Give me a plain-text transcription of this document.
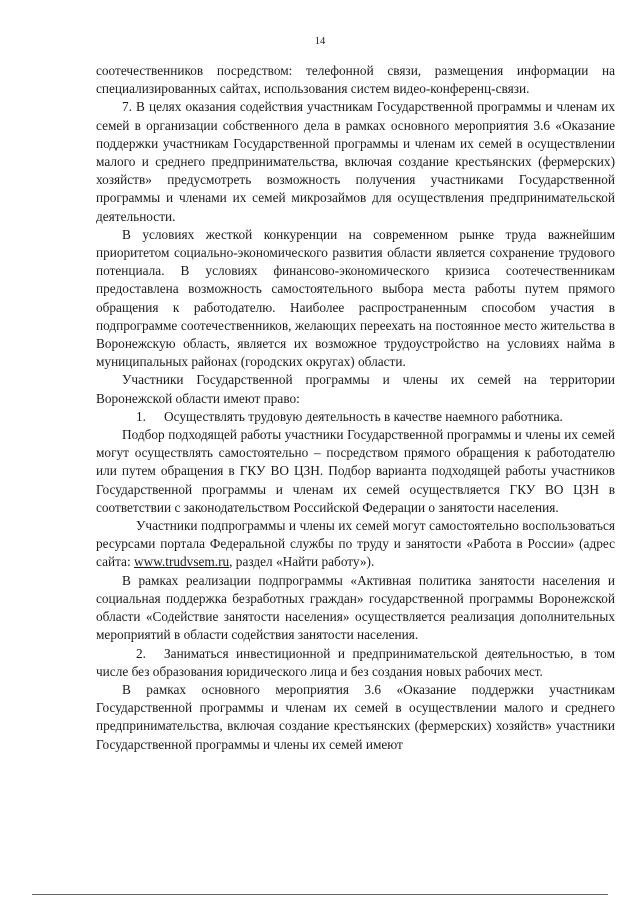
14

соотечественников посредством: телефонной связи, размещения информации на специализированных сайтах, использования систем видео-конференц-связи.

7. В целях оказания содействия участникам Государственной программы и членам их семей в организации собственного дела в рамках основного мероприятия 3.6 «Оказание поддержки участникам Государственной программы и членам их семей в осуществлении малого и среднего предпринимательства, включая создание крестьянских (фермерских) хозяйств» предусмотреть возможность получения участниками Государственной программы и членами их семей микрозаймов для осуществления предпринимательской деятельности.

В условиях жесткой конкуренции на современном рынке труда важнейшим приоритетом социально-экономического развития области является сохранение трудового потенциала. В условиях финансово-экономического кризиса соотечественникам предоставлена возможность самостоятельного выбора места работы путем прямого обращения к работодателю. Наиболее распространенным способом участия в подпрограмме соотечественников, желающих переехать на постоянное место жительства в Воронежскую область, является их возможное трудоустройство на условиях найма в муниципальных районах (городских округах) области.

Участники Государственной программы и члены их семей на территории Воронежской области имеют право:

1. Осуществлять трудовую деятельность в качестве наемного работника.

Подбор подходящей работы участники Государственной программы и члены их семей могут осуществлять самостоятельно – посредством прямого обращения к работодателю или путем обращения в ГКУ ВО ЦЗН. Подбор варианта подходящей работы участников Государственной программы и членам их семей осуществляется ГКУ ВО ЦЗН в соответствии с законодательством Российской Федерации о занятости населения.

Участники подпрограммы и члены их семей могут самостоятельно воспользоваться ресурсами портала Федеральной службы по труду и занятости «Работа в России» (адрес сайта: www.trudvsem.ru, раздел «Найти работу»).

В рамках реализации подпрограммы «Активная политика занятости населения и социальная поддержка безработных граждан» государственной программы Воронежской области «Содействие занятости населения» осуществляется реализация дополнительных мероприятий в области содействия занятости населения.

2. Заниматься инвестиционной и предпринимательской деятельностью, в том числе без образования юридического лица и без создания новых рабочих мест.

В рамках основного мероприятия 3.6 «Оказание поддержки участникам Государственной программы и членам их семей в осуществлении малого и среднего предпринимательства, включая создание крестьянских (фермерских) хозяйств» участники Государственной программы и члены их семей имеют
